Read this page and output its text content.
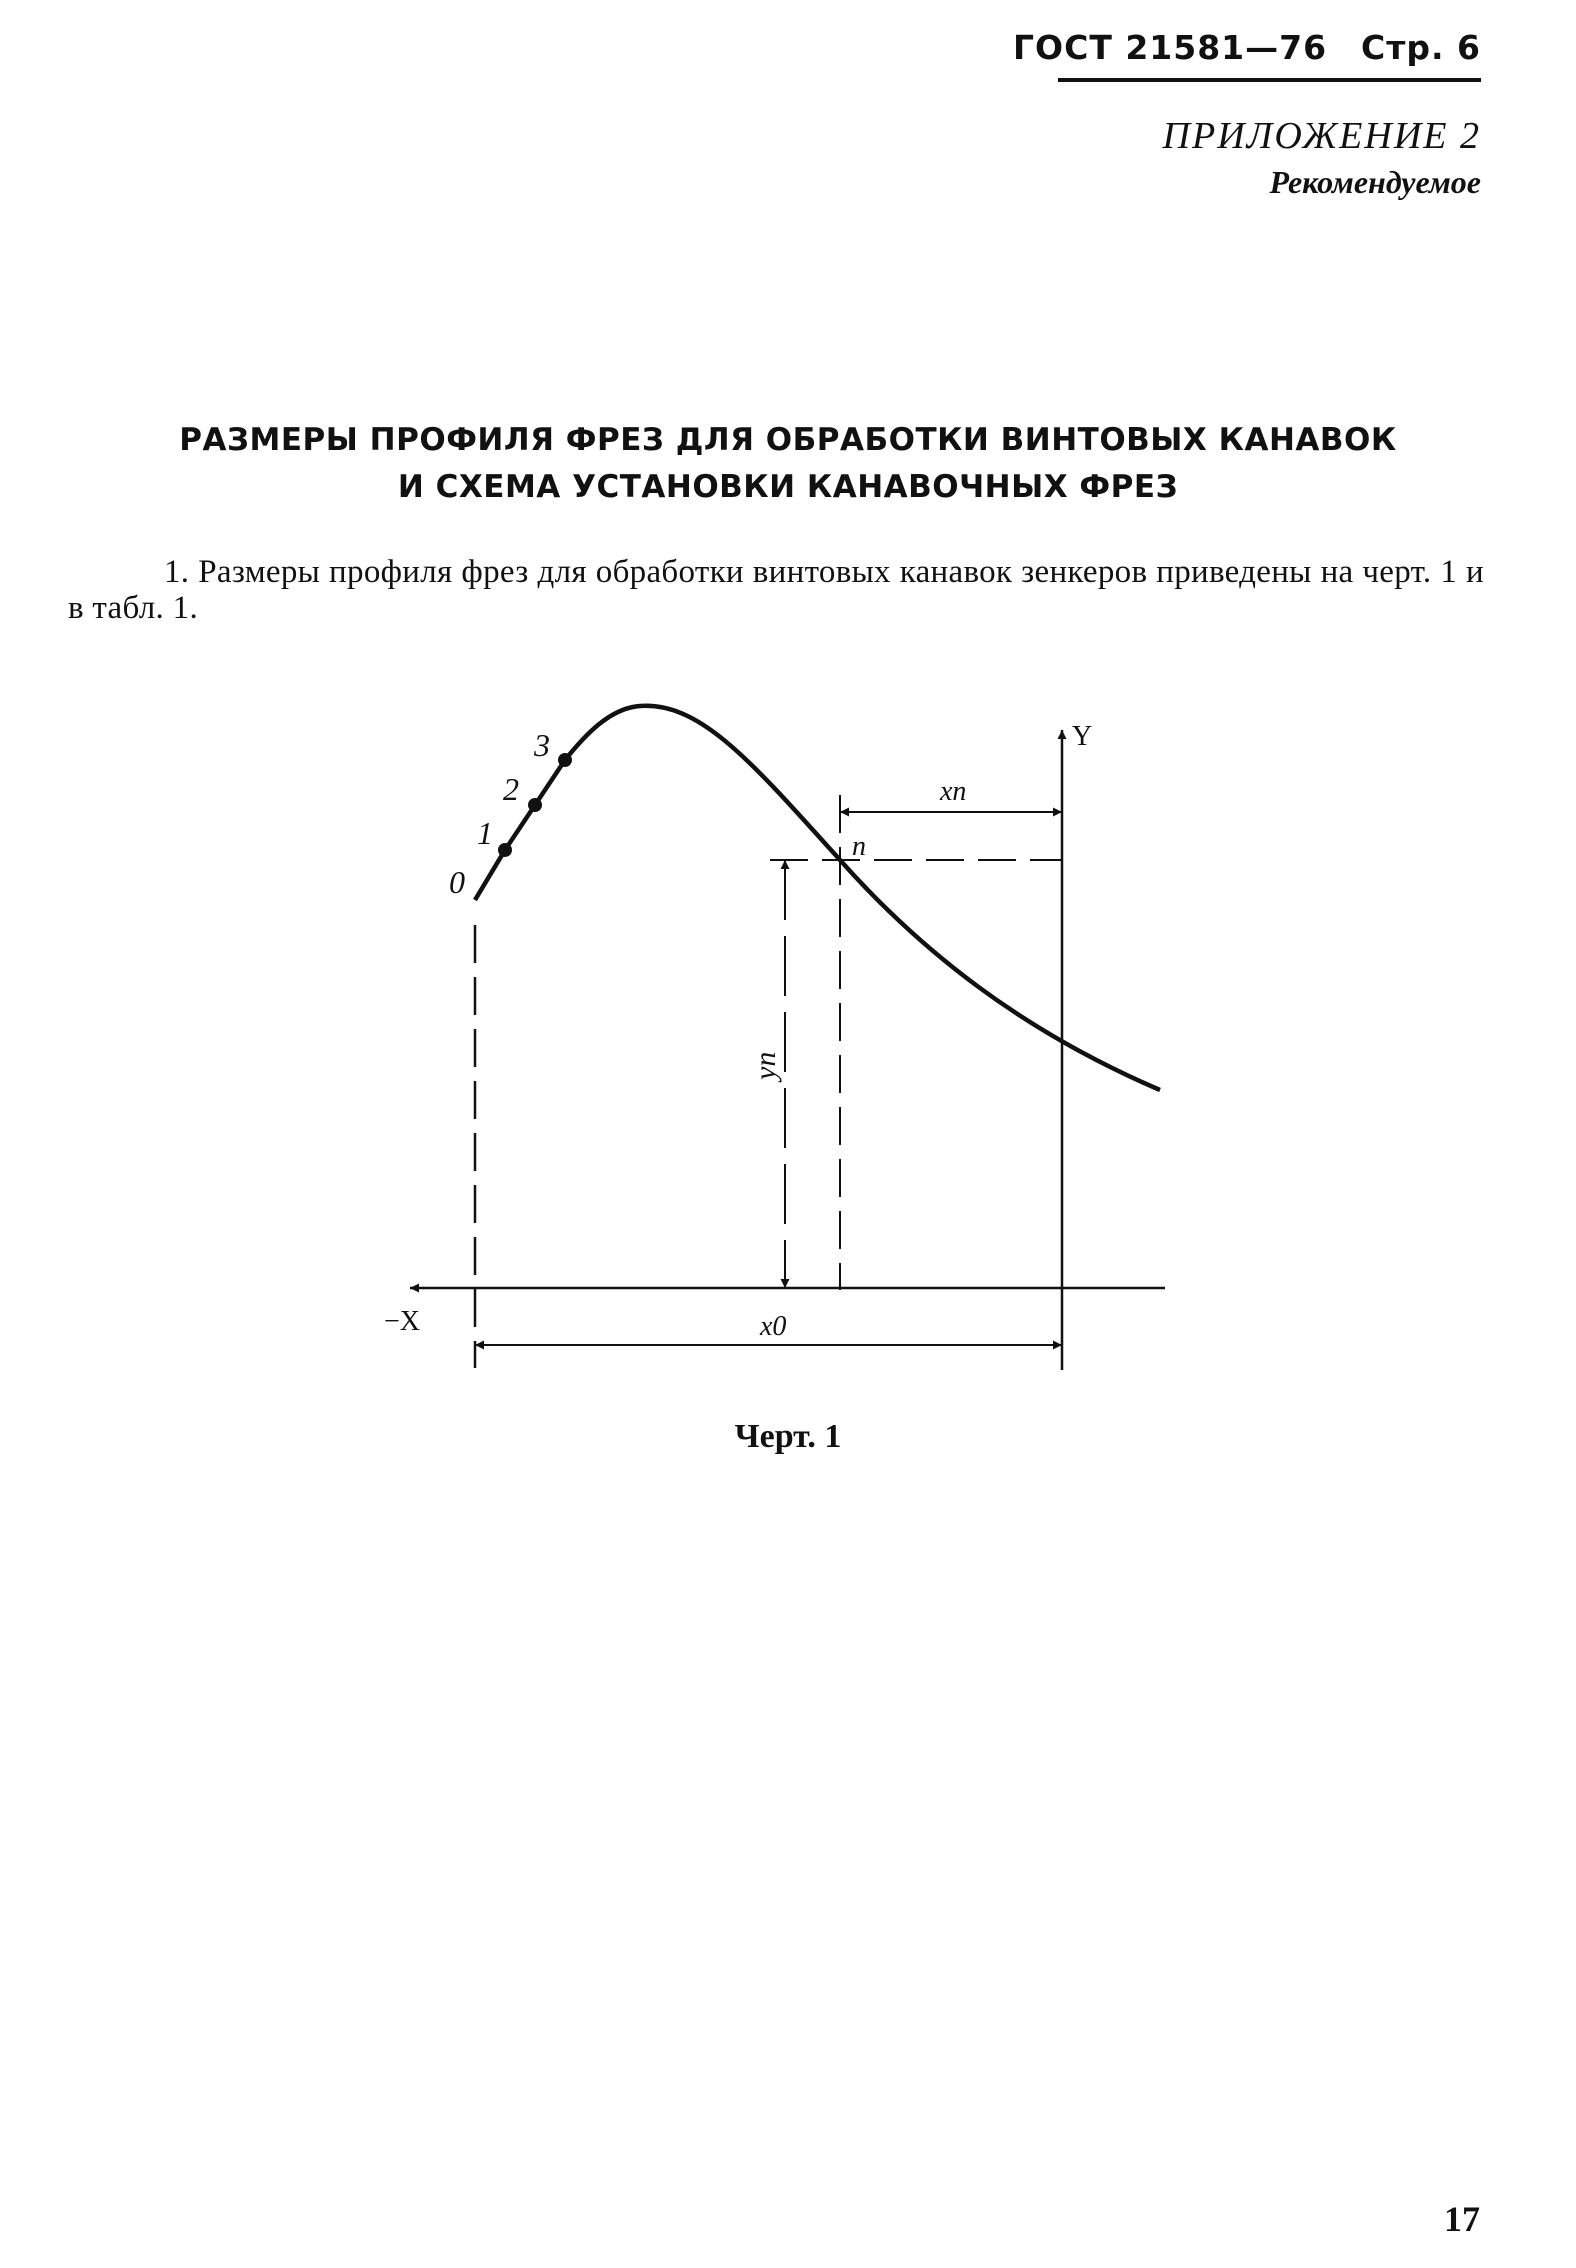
ГОСТ 21581—76 Стр. 6
ПРИЛОЖЕНИЕ 2
Рекомендуемое
РАЗМЕРЫ ПРОФИЛЯ ФРЕЗ ДЛЯ ОБРАБОТКИ ВИНТОВЫХ КАНАВОК
И СХЕМА УСТАНОВКИ КАНАВОЧНЫХ ФРЕЗ
1. Размеры профиля фрез для обработки винтовых канавок зенкеров приведены на черт. 1 и в табл. 1.
0
1
2
3
n
Y
−X
xn
x0
yn
Черт. 1
17
